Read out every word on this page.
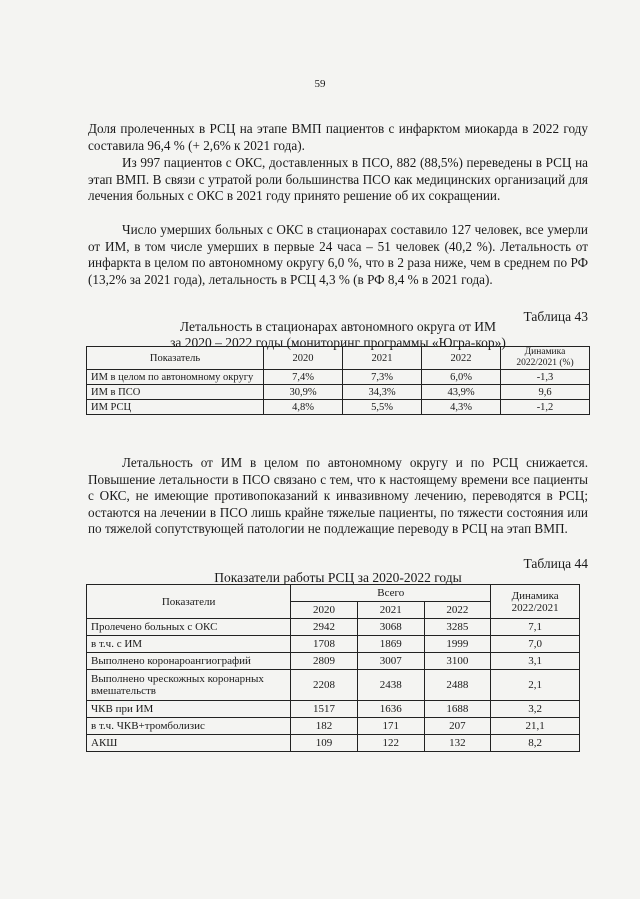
59
Доля пролеченных в РСЦ на этапе ВМП пациентов с инфарктом миокарда в 2022 году составила 96,4 % (+ 2,6% к 2021 года).
Из 997 пациентов с ОКС, доставленных в ПСО, 882 (88,5%) переведены в РСЦ на этап ВМП. В связи с утратой роли большинства ПСО как медицинских организаций для лечения больных с ОКС в 2021 году принято решение об их сокращении.
Число умерших больных с ОКС в стационарах составило 127 человек, все умерли от ИМ, в том числе умерших в первые 24 часа – 51 человек (40,2 %). Летальность от инфаркта в целом по автономному округу 6,0 %, что в 2 раза ниже, чем в среднем по РФ (13,2% за 2021 года), летальность в РСЦ 4,3 % (в РФ 8,4 % в 2021 года).
Таблица 43
Летальность в стационарах автономного округа от ИМ
за 2020 – 2022 годы (мониторинг программы «Югра-кор»)
Показатель	2020	2021	2022	Динамика 2022/2021 (%)
ИМ в целом по автономному округу	7,4%	7,3%	6,0%	-1,3
ИМ в ПСО	30,9%	34,3%	43,9%	9,6
ИМ РСЦ	4,8%	5,5%	4,3%	-1,2
Летальность от ИМ в целом по автономному округу и по РСЦ снижается. Повышение летальности в ПСО связано с тем, что к настоящему времени все пациенты с ОКС, не имеющие противопоказаний к инвазивному лечению, переводятся в РСЦ; остаются на лечении в ПСО лишь крайне тяжелые пациенты, по тяжести состояния или по тяжелой сопутствующей патологии не подлежащие переводу в РСЦ на этап ВМП.
Таблица 44
Показатели работы РСЦ за 2020-2022 годы
Показатели	Всего			Динамика 2022/2021
	2020	2021	2022	
Пролечено больных с ОКС	2942	3068	3285	7,1
в т.ч. с ИМ	1708	1869	1999	7,0
Выполнено коронароангиографий	2809	3007	3100	3,1
Выполнено чрескожных коронарных вмешательств	2208	2438	2488	2,1
ЧКВ при ИМ	1517	1636	1688	3,2
в т.ч. ЧКВ+тромболизис	182	171	207	21,1
АКШ	109	122	132	8,2
